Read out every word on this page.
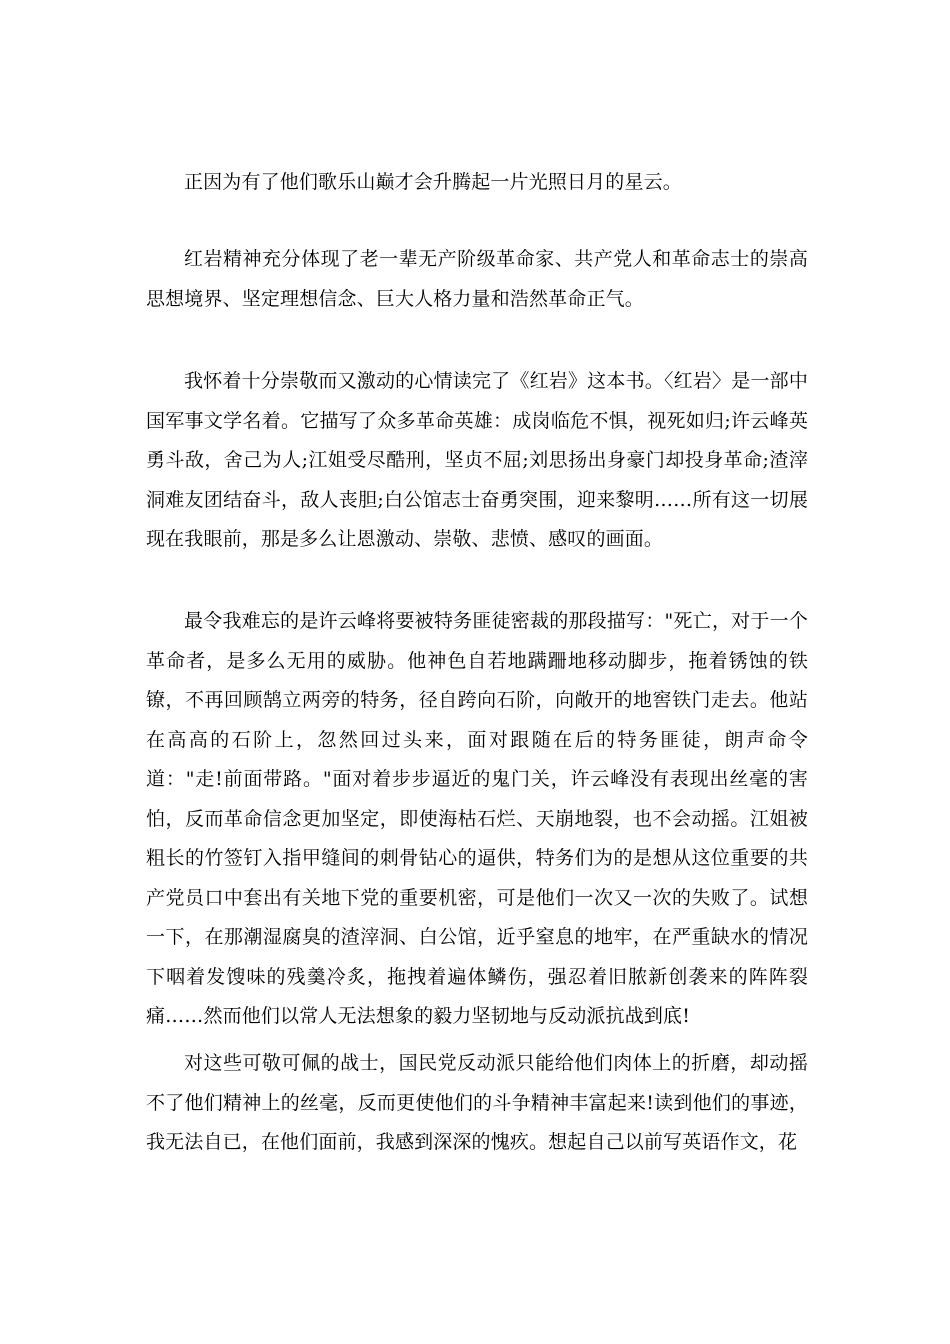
正因为有了他们歌乐山巅才会升腾起一片光照日月的星云。

红岩精神充分体现了老一辈无产阶级革命家、共产党人和革命志士的崇高思想境界、坚定理想信念、巨大人格力量和浩然革命正气。

我怀着十分崇敬而又激动的心情读完了《红岩》这本书。〈红岩〉是一部中国军事文学名着。它描写了众多革命英雄：成岗临危不惧，视死如归;许云峰英勇斗敌，舍己为人;江姐受尽酷刑，坚贞不屈;刘思扬出身豪门却投身革命;渣滓洞难友团结奋斗，敌人丧胆;白公馆志士奋勇突围，迎来黎明……所有这一切展现在我眼前，那是多么让恩激动、崇敬、悲愤、感叹的画面。

最令我难忘的是许云峰将要被特务匪徒密裁的那段描写："死亡，对于一个革命者，是多么无用的威胁。他神色自若地蹒跚地移动脚步，拖着锈蚀的铁镣，不再回顾鹄立两旁的特务，径自跨向石阶，向敞开的地窖铁门走去。他站在高高的石阶上，忽然回过头来，面对跟随在后的特务匪徒，朗声命令道："走!前面带路。"面对着步步逼近的鬼门关，许云峰没有表现出丝毫的害怕，反而革命信念更加坚定，即使海枯石烂、天崩地裂，也不会动摇。江姐被粗长的竹签钉入指甲缝间的刺骨钻心的逼供，特务们为的是想从这位重要的共产党员口中套出有关地下党的重要机密，可是他们一次又一次的失败了。试想一下，在那潮湿腐臭的渣滓洞、白公馆，近乎窒息的地牢，在严重缺水的情况下咽着发馊味的残羹冷炙，拖拽着遍体鳞伤，强忍着旧脓新创袭来的阵阵裂痛……然而他们以常人无法想象的毅力坚韧地与反动派抗战到底!

对这些可敬可佩的战士，国民党反动派只能给他们肉体上的折磨，却动摇不了他们精神上的丝毫，反而更使他们的斗争精神丰富起来!读到他们的事迹，我无法自已，在他们面前，我感到深深的愧疚。想起自己以前写英语作文，花
